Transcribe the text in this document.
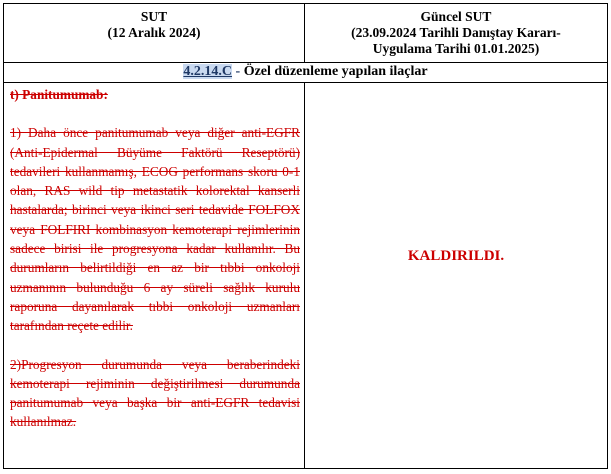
SUT
(12 Aralık 2024)
Güncel SUT
(23.09.2024 Tarihli Danıştay Kararı-
Uygulama Tarihi 01.01.2025)
4.2.14.C - Özel düzenleme yapılan ilaçlar

t) Panitumumab:

1) Daha önce panitumumab veya diğer anti-EGFR (Anti-Epidermal Büyüme Faktörü Reseptörü) tedavileri kullanmamış, ECOG performans skoru 0-1 olan, RAS wild tip metastatik kolorektal kanserli hastalarda; birinci veya ikinci seri tedavide FOLFOX veya FOLFIRI kombinasyon kemoterapi rejimlerinin sadece birisi ile progresyona kadar kullanılır. Bu durumların belirtildiği en az bir tıbbi onkoloji uzmanının bulunduğu 6 ay süreli sağlık kurulu raporuna dayanılarak tıbbi onkoloji uzmanları tarafından reçete edilir.

2)Progresyon durumunda veya beraberindeki kemoterapi rejiminin değiştirilmesi durumunda panitumumab veya başka bir anti-EGFR tedavisi kullanılmaz.

KALDIRILDI.
